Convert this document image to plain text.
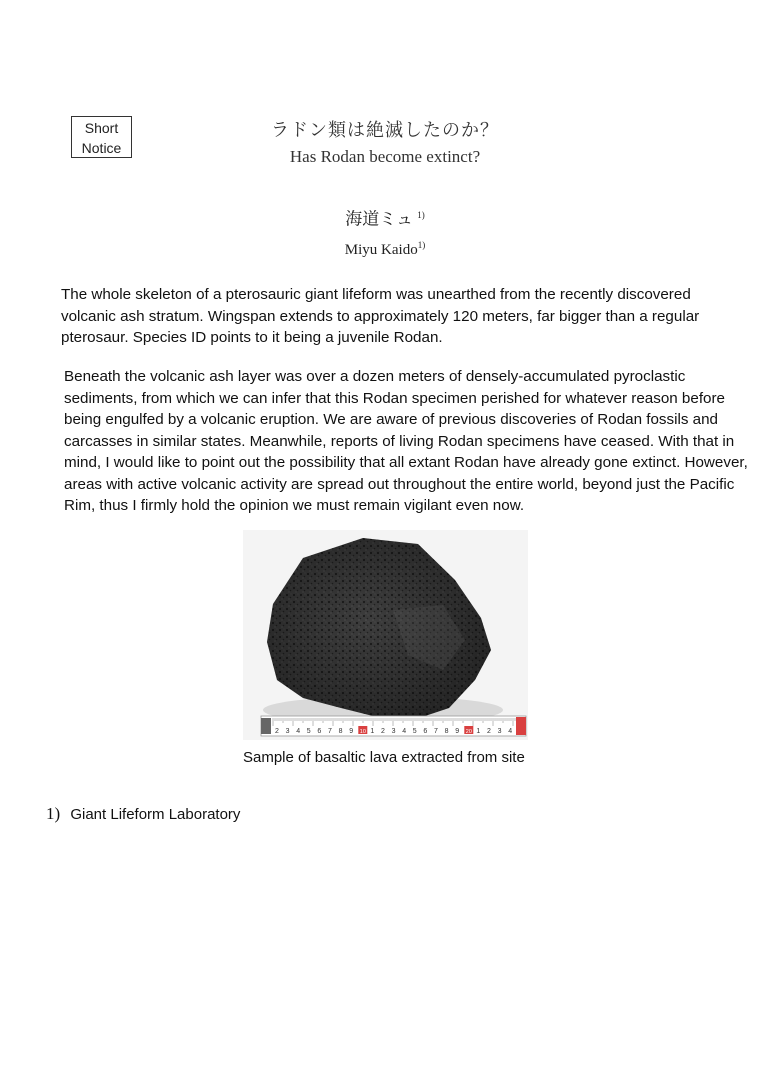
Short
Notice
ラドン類は絶滅したのか？
Has Rodan become extinct?
海道ミュ $^{1)}$
Miyu Kaido$^{1)}$

The whole skeleton of a pterosauric giant lifeform was unearthed from the recently discovered volcanic ash stratum. Wingspan extends to approximately 120 meters, far bigger than a regular pterosaur. Species ID points to it being a juvenile Rodan.

Beneath the volcanic ash layer was over a dozen meters of densely-accumulated pyroclastic sediments, from which we can infer that this Rodan specimen perished for whatever reason before being engulfed by a volcanic eruption. We are aware of previous discoveries of Rodan fossils and carcasses in similar states. Meanwhile, reports of living Rodan specimens have ceased. With that in mind, I would like to point out the possibility that all extant Rodan have already gone extinct. However, areas with active volcanic activity are spread out throughout the entire world, beyond just the Pacific Rim, thus I firmly hold the opinion we must remain vigilant even now.

2 3 4 5 6 7 8 9 10 1 2 3 4 5 6 7 8 9 20 1 2 3 4
Sample of basaltic lava extracted from site
1) Giant Lifeform Laboratory
